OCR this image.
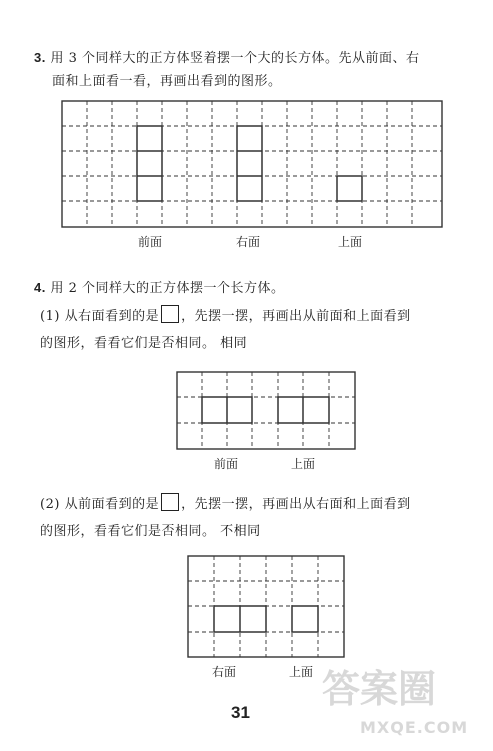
3. 用 3 个同样大的正方体竖着摆一个大的长方体。先从前面、右
面和上面看一看，再画出看到的图形。
前面	右面	上面
4. 用 2 个同样大的正方体摆一个长方体。
(1) 从右面看到的是 ，先摆一摆，再画出从前面和上面看到
的图形，看看它们是否相同。 相同
前面	上面
(2) 从前面看到的是 ，先摆一摆，再画出从右面和上面看到
的图形，看看它们是否相同。 不相同
右面	上面
31
答案圈
MXQE.COM
